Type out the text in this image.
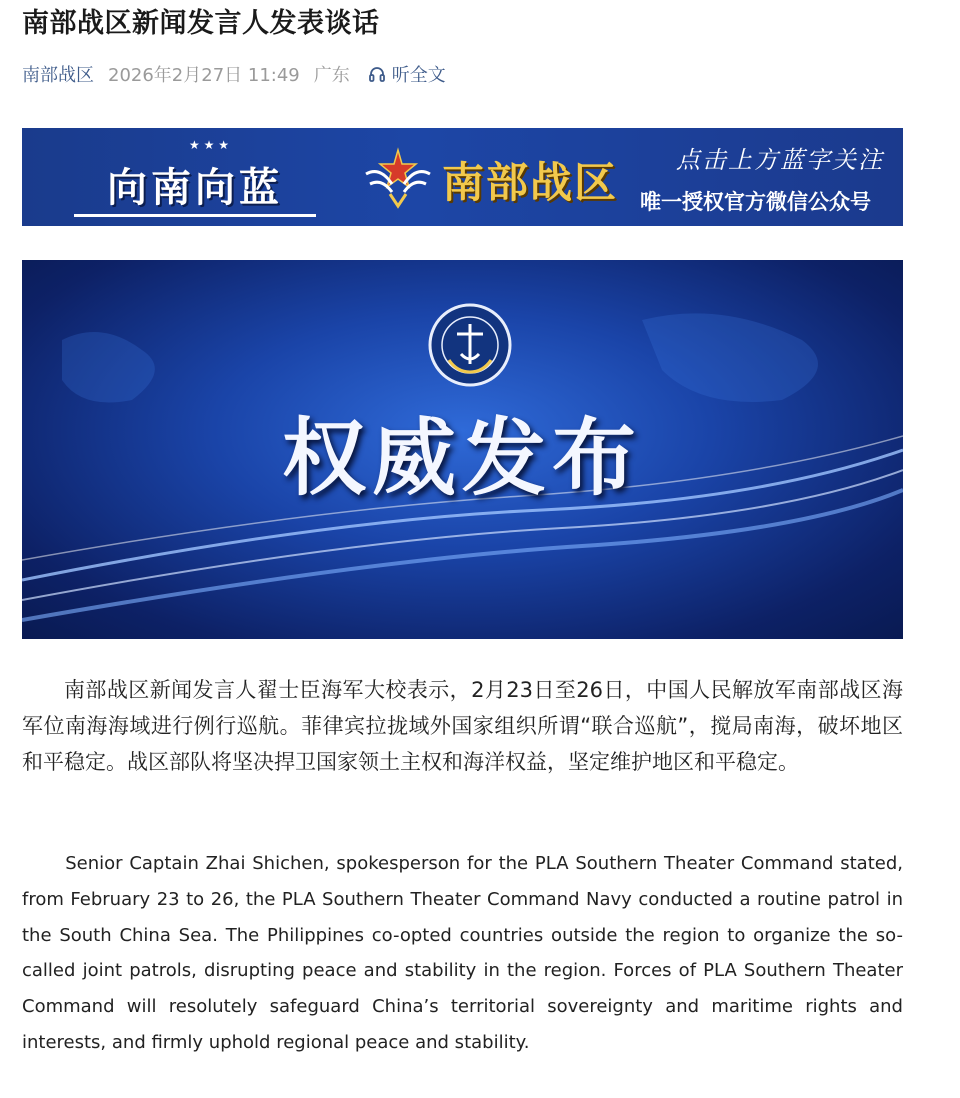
南部战区新闻发言人发表谈话
南部战区 2026年2月27日 11:49 广东 听全文
★ ★ ★
向南向蓝	南部战区	点击上方蓝字关注
唯一授权官方微信公众号
权威发布

南部战区新闻发言人翟士臣海军大校表示，2月23日至26日，中国人民解放军南部战区海军位南海海域进行例行巡航。菲律宾拉拢域外国家组织所谓“联合巡航”，搅局南海，破坏地区和平稳定。战区部队将坚决捍卫国家领土主权和海洋权益，坚定维护地区和平稳定。

Senior Captain Zhai Shichen, spokesperson for the PLA Southern Theater Command stated, from February 23 to 26, the PLA Southern Theater Command Navy conducted a routine patrol in the South China Sea. The Philippines co-opted countries outside the region to organize the so-called joint patrols, disrupting peace and stability in the region. Forces of PLA Southern Theater Command will resolutely safeguard China’s territorial sovereignty and maritime rights and interests, and firmly uphold regional peace and stability.
